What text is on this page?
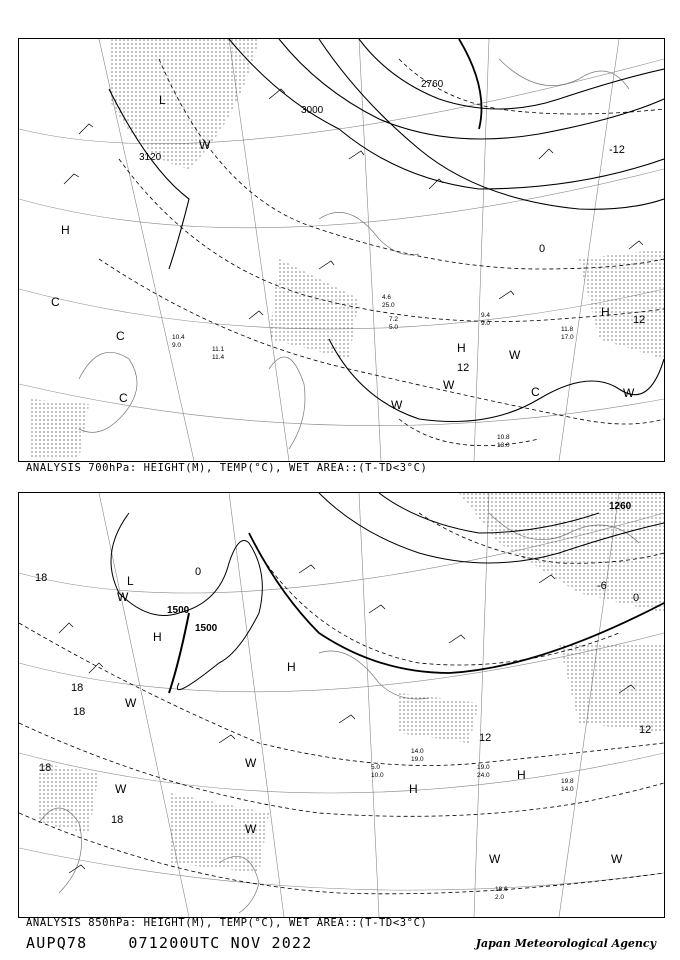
3000
2760
3120
-12
0
12
12
L
H
H
H
C
C
C	C
W
W
W
W
W
11.1
11.4
10.8
13.0
11.8
17.0
9.4
9.0
7.2
5.0
4.6
25.0
10.4
9.0
ANALYSIS 700hPa: HEIGHT(M), TEMP(°C), WET AREA::(T-TD<3°C)
1500
1500
1260
0
0
-6
12
12
18
18
18
18
18
L
H
H
H
H
W
W
W
W
W	W
W	19.0
24.0
19.8
14.0
18.6
2.0
14.0
19.0
5.0
10.0
ANALYSIS 850hPa: HEIGHT(M), TEMP(°C), WET AREA::(T-TD<3°C)
AUPQ78	071200UTC NOV 2022	Japan Meteorological Agency
